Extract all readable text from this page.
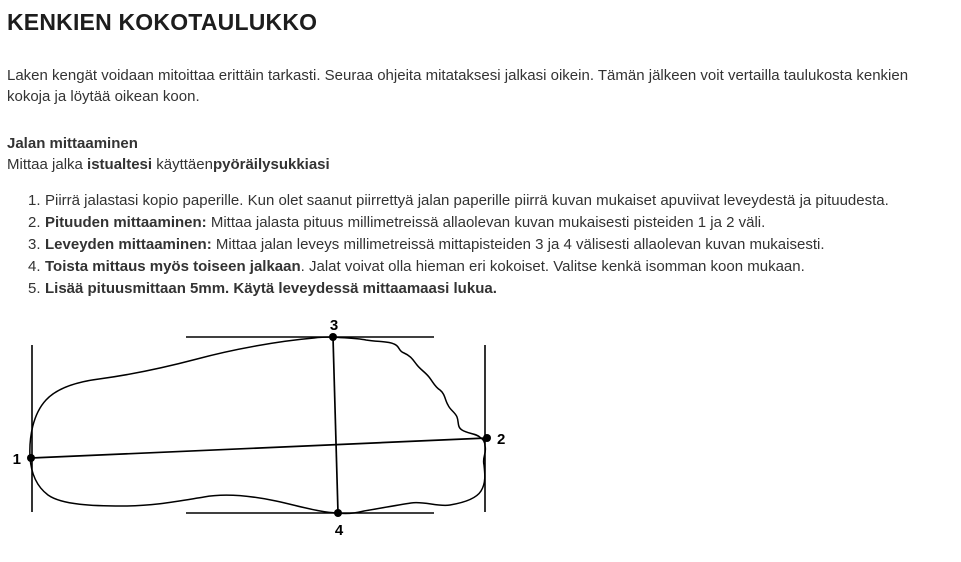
KENKIEN KOKOTAULUKKO

Laken kengät voidaan mitoittaa erittäin tarkasti. Seuraa ohjeita mitataksesi jalkasi oikein. Tämän jälkeen voit vertailla taulukosta kenkien kokoja ja löytää oikean koon.

Jalan mittaaminen

Mittaa jalka istualtesi käyttäenpyöräilysukkiasi

1. Piirrä jalastasi kopio paperille. Kun olet saanut piirrettyä jalan paperille piirrä kuvan mukaiset apuviivat leveydestä ja pituudesta.
2. Pituuden mittaaminen: Mittaa jalasta pituus millimetreissä allaolevan kuvan mukaisesti pisteiden 1 ja 2 väli.
3. Leveyden mittaaminen: Mittaa jalan leveys millimetreissä mittapisteiden 3 ja 4 välisesti allaolevan kuvan mukaisesti.
4. Toista mittaus myös toiseen jalkaan. Jalat voivat olla hieman eri kokoiset. Valitse kenkä isomman koon mukaan.
5. Lisää pituusmittaan 5mm. Käytä leveydessä mittaamaasi lukua.
1
2
3
4
